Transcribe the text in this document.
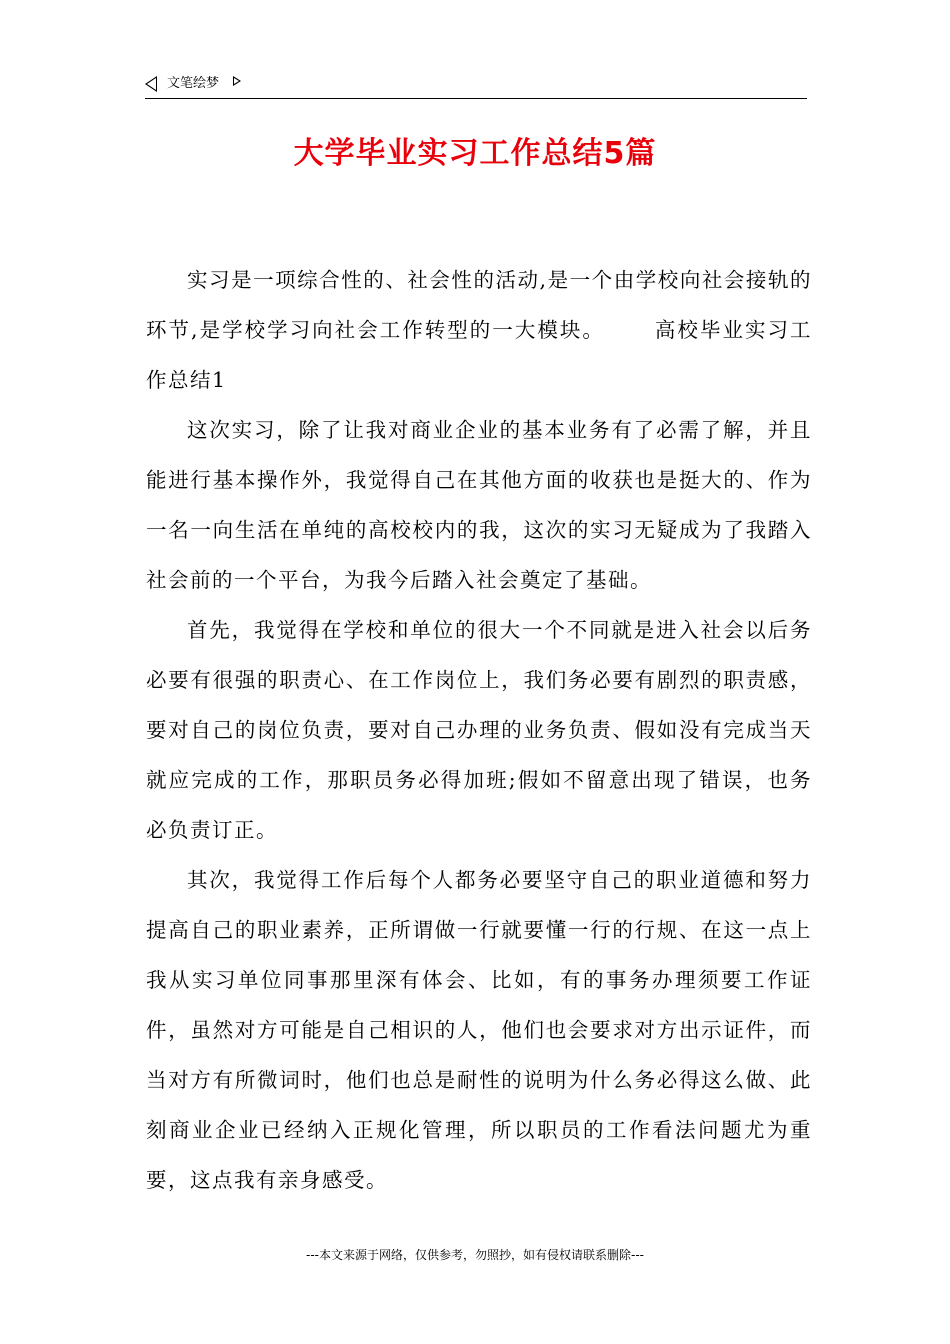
文笔绘梦
大学毕业实习工作总结5篇

实习是一项综合性的、社会性的活动,是一个由学校向社会接轨的环节,是学校学习向社会工作转型的一大模块。 高校毕业实习工作总结1

这次实习，除了让我对商业企业的基本业务有了必需了解，并且能进行基本操作外，我觉得自己在其他方面的收获也是挺大的、作为一名一向生活在单纯的高校校内的我，这次的实习无疑成为了我踏入社会前的一个平台，为我今后踏入社会奠定了基础。

首先，我觉得在学校和单位的很大一个不同就是进入社会以后务必要有很强的职责心、在工作岗位上，我们务必要有剧烈的职责感，要对自己的岗位负责，要对自己办理的业务负责、假如没有完成当天就应完成的工作，那职员务必得加班;假如不留意出现了错误，也务必负责订正。

其次，我觉得工作后每个人都务必要坚守自己的职业道德和努力提高自己的职业素养，正所谓做一行就要懂一行的行规、在这一点上我从实习单位同事那里深有体会、比如，有的事务办理须要工作证件，虽然对方可能是自己相识的人，他们也会要求对方出示证件，而当对方有所微词时，他们也总是耐性的说明为什么务必得这么做、此刻商业企业已经纳入正规化管理，所以职员的工作看法问题尤为重要，这点我有亲身感受。

---本文来源于网络，仅供参考，勿照抄，如有侵权请联系删除---
